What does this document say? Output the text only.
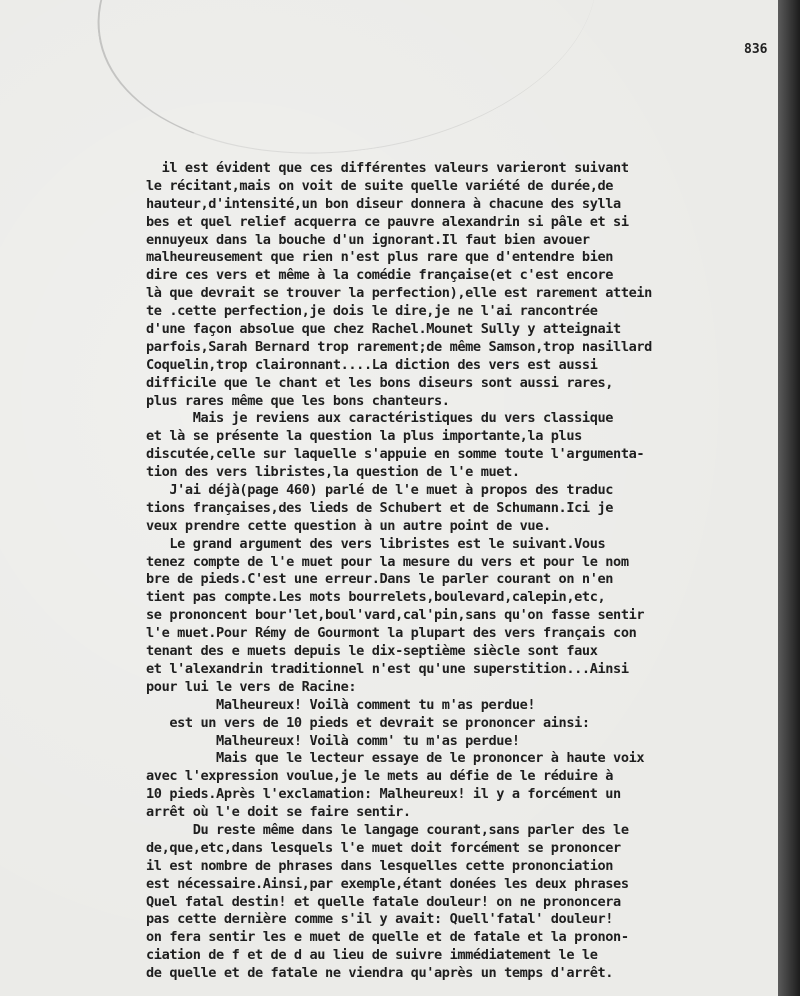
836
il est évident que ces différentes valeurs varieront suivant
le récitant,mais on voit de suite quelle variété de durée,de
hauteur,d'intensité,un bon diseur donnera à chacune des sylla
bes et quel relief acquerra ce pauvre alexandrin si pâle et si
ennuyeux dans la bouche d'un ignorant.Il faut bien avouer
malheureusement que rien n'est plus rare que d'entendre bien
dire ces vers et même à la comédie française(et c'est encore
là que devrait se trouver la perfection),elle est rarement attein
te .cette perfection,je dois le dire,je ne l'ai rancontrée
d'une façon absolue que chez Rachel.Mounet Sully y atteignait
parfois,Sarah Bernard trop rarement;de même Samson,trop nasillard
Coquelin,trop claironnant....La diction des vers est aussi
difficile que le chant et les bons diseurs sont aussi rares,
plus rares même que les bons chanteurs.
Mais je reviens aux caractéristiques du vers classique
et là se présente la question la plus importante,la plus
discutée,celle sur laquelle s'appuie en somme toute l'argumenta-
tion des vers libristes,la question de l'e muet.
J'ai déjà(page 460) parlé de l'e muet à propos des traduc
tions françaises,des lieds de Schubert et de Schumann.Ici je
veux prendre cette question à un autre point de vue.
Le grand argument des vers libristes est le suivant.Vous
tenez compte de l'e muet pour la mesure du vers et pour le nom
bre de pieds.C'est une erreur.Dans le parler courant on n'en
tient pas compte.Les mots bourrelets,boulevard,calepin,etc,
se prononcent bour'let,boul'vard,cal'pin,sans qu'on fasse sentir
l'e muet.Pour Rémy de Gourmont la plupart des vers français con
tenant des e muets depuis le dix-septième siècle sont faux
et l'alexandrin traditionnel n'est qu'une superstition...Ainsi
pour lui le vers de Racine:
Malheureux! Voilà comment tu m'as perdue!
est un vers de 10 pieds et devrait se prononcer ainsi:
Malheureux! Voilà comm' tu m'as perdue!
Mais que le lecteur essaye de le prononcer à haute voix
avec l'expression voulue,je le mets au défie de le réduire à
10 pieds.Après l'exclamation: Malheureux! il y a forcément un
arrêt où l'e doit se faire sentir.
Du reste même dans le langage courant,sans parler des le
de,que,etc,dans lesquels l'e muet doit forcément se prononcer
il est nombre de phrases dans lesquelles cette prononciation
est nécessaire.Ainsi,par exemple,étant donées les deux phrases
Quel fatal destin! et quelle fatale douleur! on ne prononcera
pas cette dernière comme s'il y avait: Quell'fatal' douleur!
on fera sentir les e muet de quelle et de fatale et la pronon-
ciation de f et de d au lieu de suivre immédiatement le le
de quelle et de fatale ne viendra qu'après un temps d'arrêt.
